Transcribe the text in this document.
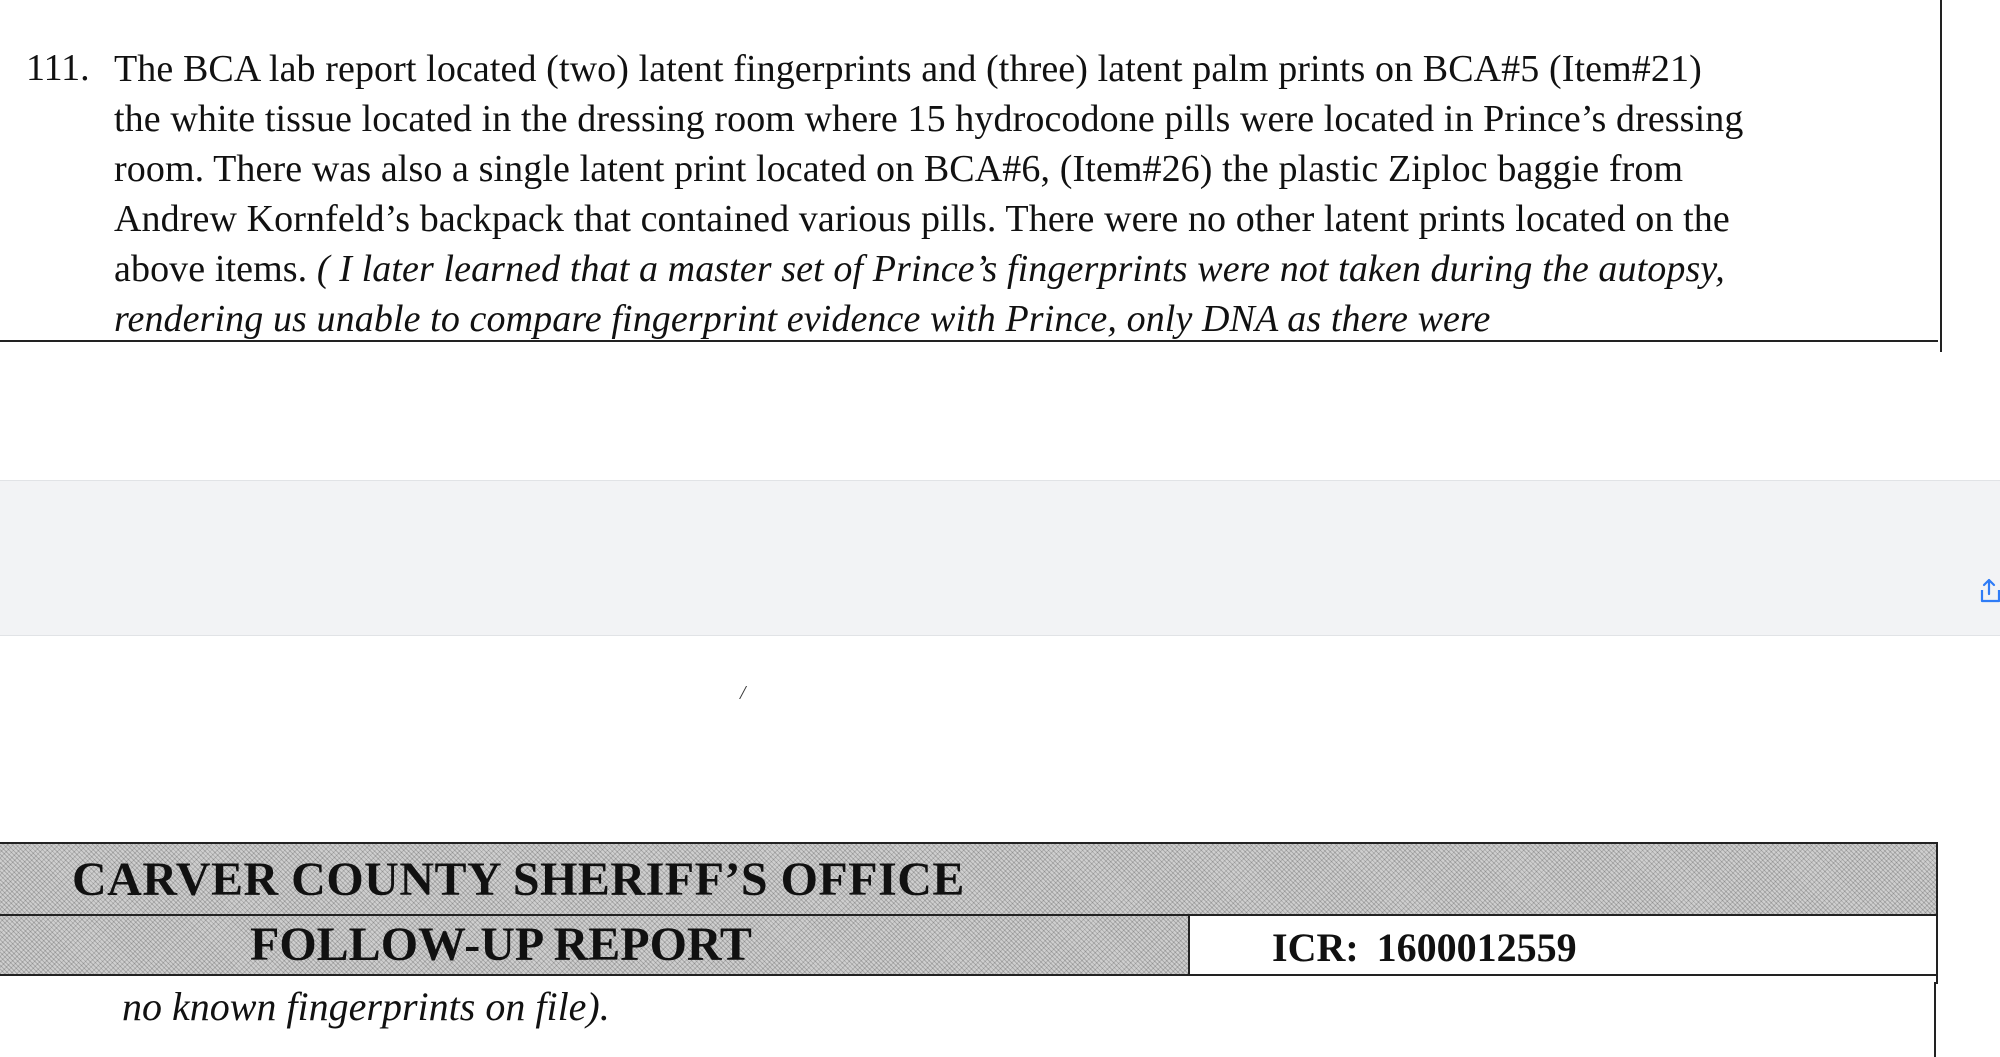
111. The BCA lab report located (two) latent fingerprints and (three) latent palm prints on BCA#5 (Item#21)
the white tissue located in the dressing room where 15 hydrocodone pills were located in Prince’s dressing
room. There was also a single latent print located on BCA#6, (Item#26) the plastic Ziploc baggie from
Andrew Kornfeld’s backpack that contained various pills. There were no other latent prints located on the
above items. ( I later learned that a master set of Prince’s fingerprints were not taken during the autopsy,
rendering us unable to compare fingerprint evidence with Prince, only DNA as there were
/
CARVER COUNTY SHERIFF’S OFFICE
FOLLOW-UP REPORT	ICR: 1600012559
no known fingerprints on file).
